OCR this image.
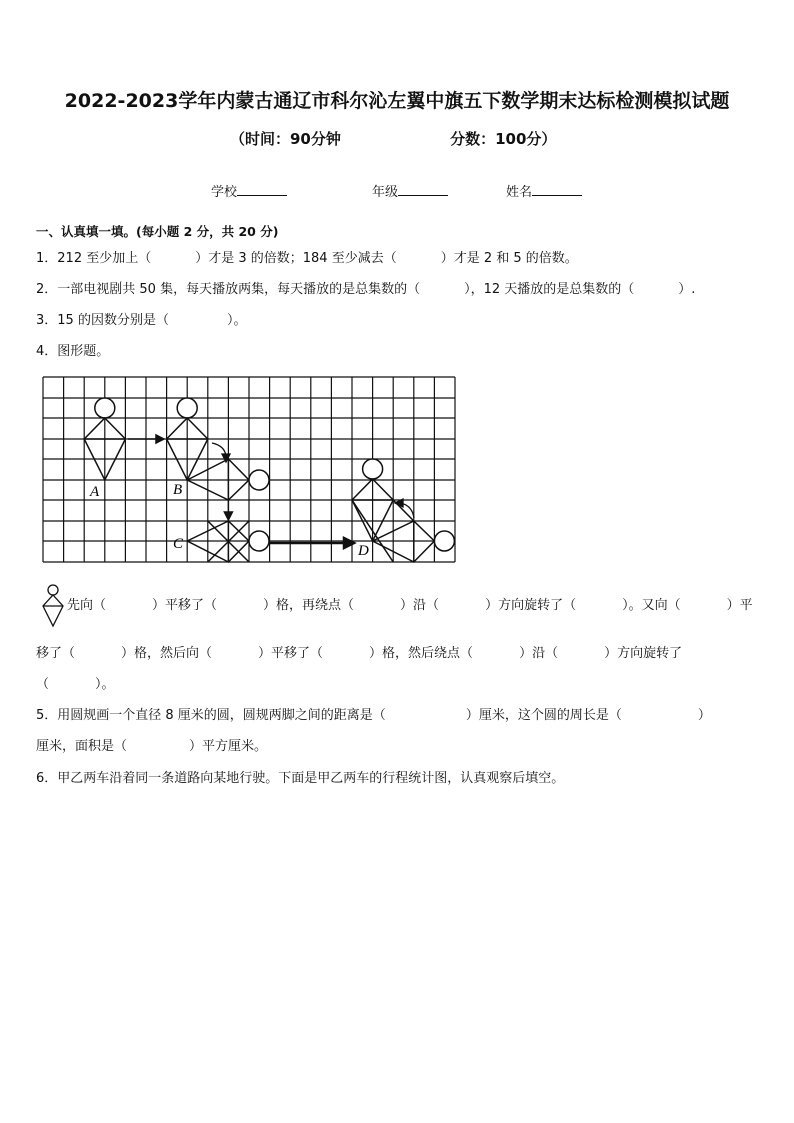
2022-2023学年内蒙古通辽市科尔沁左翼中旗五下数学期末达标检测模拟试题
（时间：90分钟	分数：100分）
学校	年级	姓名
一、认真填一填。(每小题 2 分，共 20 分)
1．212 至少加上（	）才是 3 的倍数；184 至少减去（	）才是 2 和 5 的倍数。
2．一部电视剧共 50 集，每天播放两集，每天播放的是总集数的（	），12 天播放的是总集数的（	）.
3．15 的因数分别是（	）。
4．图形题。
A	B
C	D
先向（	）平移了（	）格，再绕点（	）沿（	）方向旋转了（	）。又向（	）平
移了（	）格，然后向（	）平移了（	）格，然后绕点（	）沿（	）方向旋转了
（	）。
5．用圆规画一个直径 8 厘米的圆，圆规两脚之间的距离是（	）厘米，这个圆的周长是（	）
厘米，面积是（	）平方厘米。
6．甲乙两车沿着同一条道路向某地行驶。下面是甲乙两车的行程统计图，认真观察后填空。
